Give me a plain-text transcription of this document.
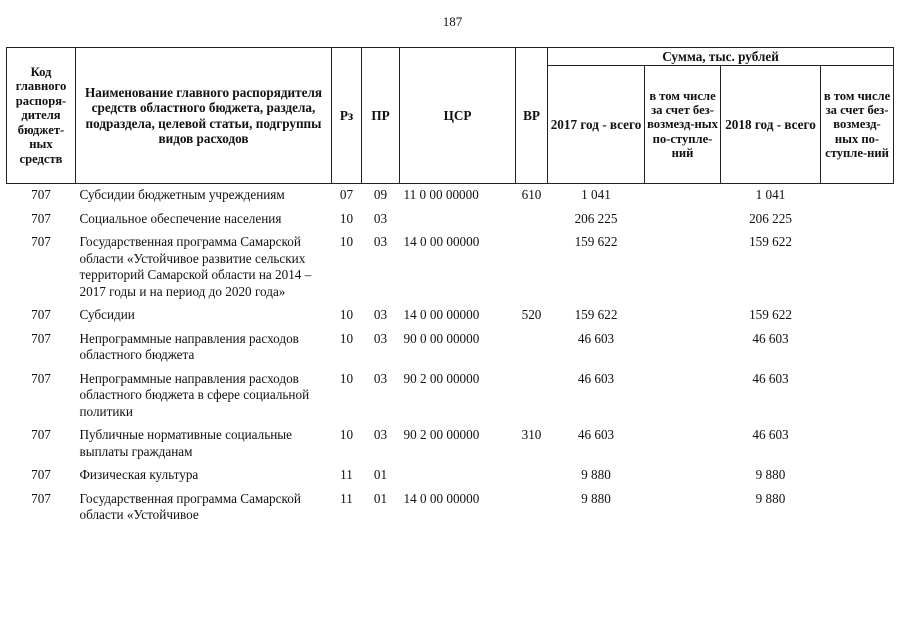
187
Код главного распоря-дителя бюджет-ных средств	Наименование главного распорядителя средств областного бюджета, раздела, подраздела, целевой статьи, подгруппы видов расходов	Рз	ПР	ЦСР	ВР	Сумма, тыс. рублей			
						2017 год - всего	в том числе за счет без-возмезд-ных по-ступле-ний	2018 год - всего	в том числе за счет без-возмезд-ных по-ступле-ний
707	Субсидии бюджетным учреждениям	07	09	11 0 00 00000	610	1 041		1 041	
707	Социальное обеспечение населения	10	03			206 225		206 225	
707	Государственная программа Самарской области «Устойчивое развитие сельских территорий Самарской области на 2014 – 2017 годы и на период до 2020 года»	10	03	14 0 00 00000		159 622		159 622	
707	Субсидии	10	03	14 0 00 00000	520	159 622		159 622	
707	Непрограммные направления расходов областного бюджета	10	03	90 0 00 00000		46 603		46 603	
707	Непрограммные направления расходов областного бюджета в сфере социальной политики	10	03	90 2 00 00000		46 603		46 603	
707	Публичные нормативные социальные выплаты гражданам	10	03	90 2 00 00000	310	46 603		46 603	
707	Физическая культура	11	01			9 880		9 880	
707	Государственная программа Самарской области «Устойчивое	11	01	14 0 00 00000		9 880		9 880	
